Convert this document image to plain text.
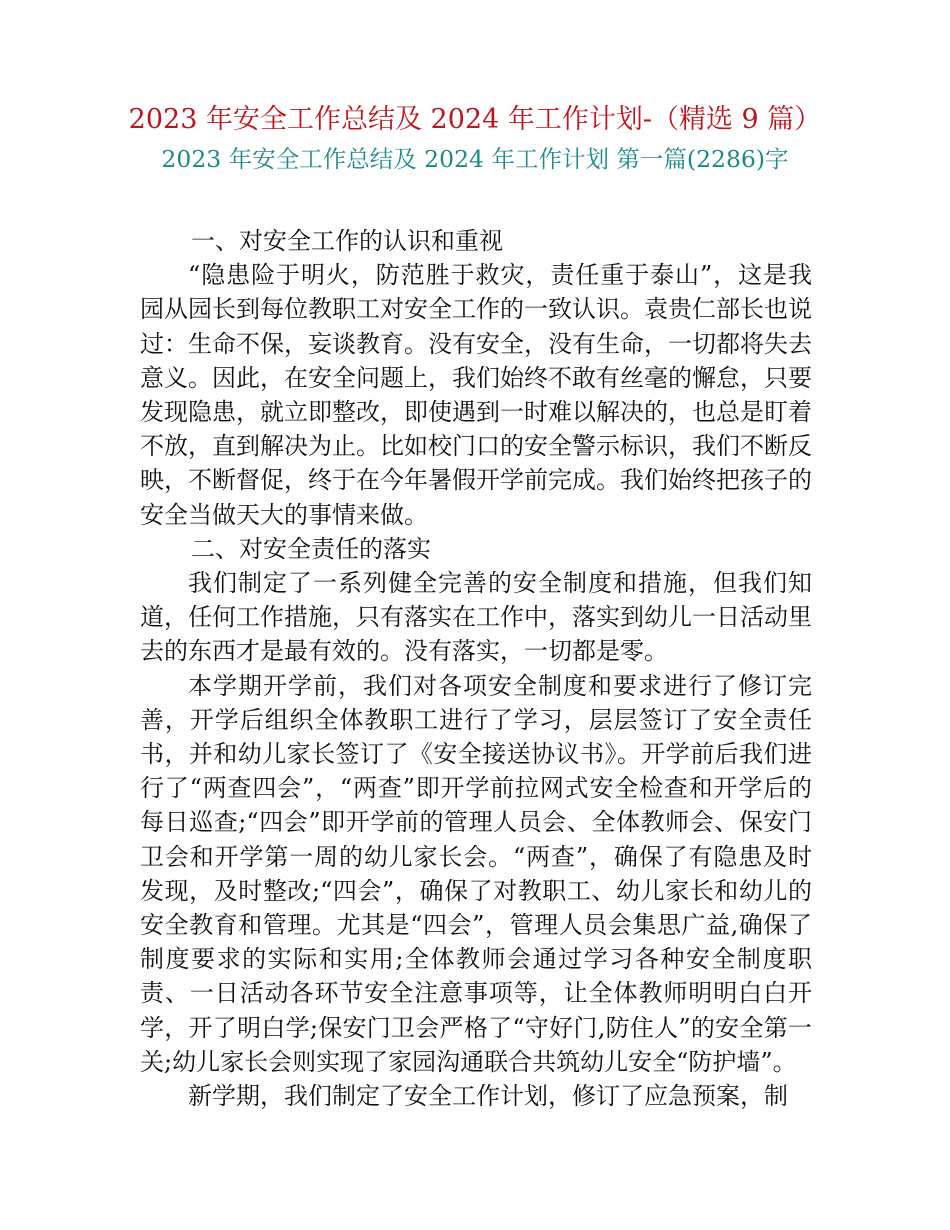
2023 年安全工作总结及 2024 年工作计划-（精选 9 篇）
2023 年安全工作总结及 2024 年工作计划 第一篇(2286)字

一、对安全工作的认识和重视

“隐患险于明火，防范胜于救灾，责任重于泰山”，这是我园从园长到每位教职工对安全工作的一致认识。袁贵仁部长也说过：生命不保，妄谈教育。没有安全，没有生命，一切都将失去意义。因此，在安全问题上，我们始终不敢有丝毫的懈怠，只要发现隐患，就立即整改，即使遇到一时难以解决的，也总是盯着不放，直到解决为止。比如校门口的安全警示标识，我们不断反映，不断督促，终于在今年暑假开学前完成。我们始终把孩子的安全当做天大的事情来做。

二、对安全责任的落实

我们制定了一系列健全完善的安全制度和措施，但我们知道，任何工作措施，只有落实在工作中，落实到幼儿一日活动里去的东西才是最有效的。没有落实，一切都是零。

本学期开学前，我们对各项安全制度和要求进行了修订完善，开学后组织全体教职工进行了学习，层层签订了安全责任书，并和幼儿家长签订了《安全接送协议书》。开学前后我们进行了“两查四会”，“两查”即开学前拉网式安全检查和开学后的每日巡查;“四会”即开学前的管理人员会、全体教师会、保安门卫会和开学第一周的幼儿家长会。“两查”，确保了有隐患及时发现，及时整改;“四会”，确保了对教职工、幼儿家长和幼儿的安全教育和管理。尤其是“四会”，管理人员会集思广益,确保了制度要求的实际和实用;全体教师会通过学习各种安全制度职责、一日活动各环节安全注意事项等，让全体教师明明白白开学，开了明白学;保安门卫会严格了“守好门,防住人”的安全第一关;幼儿家长会则实现了家园沟通联合共筑幼儿安全“防护墙”。

新学期，我们制定了安全工作计划，修订了应急预案，制
